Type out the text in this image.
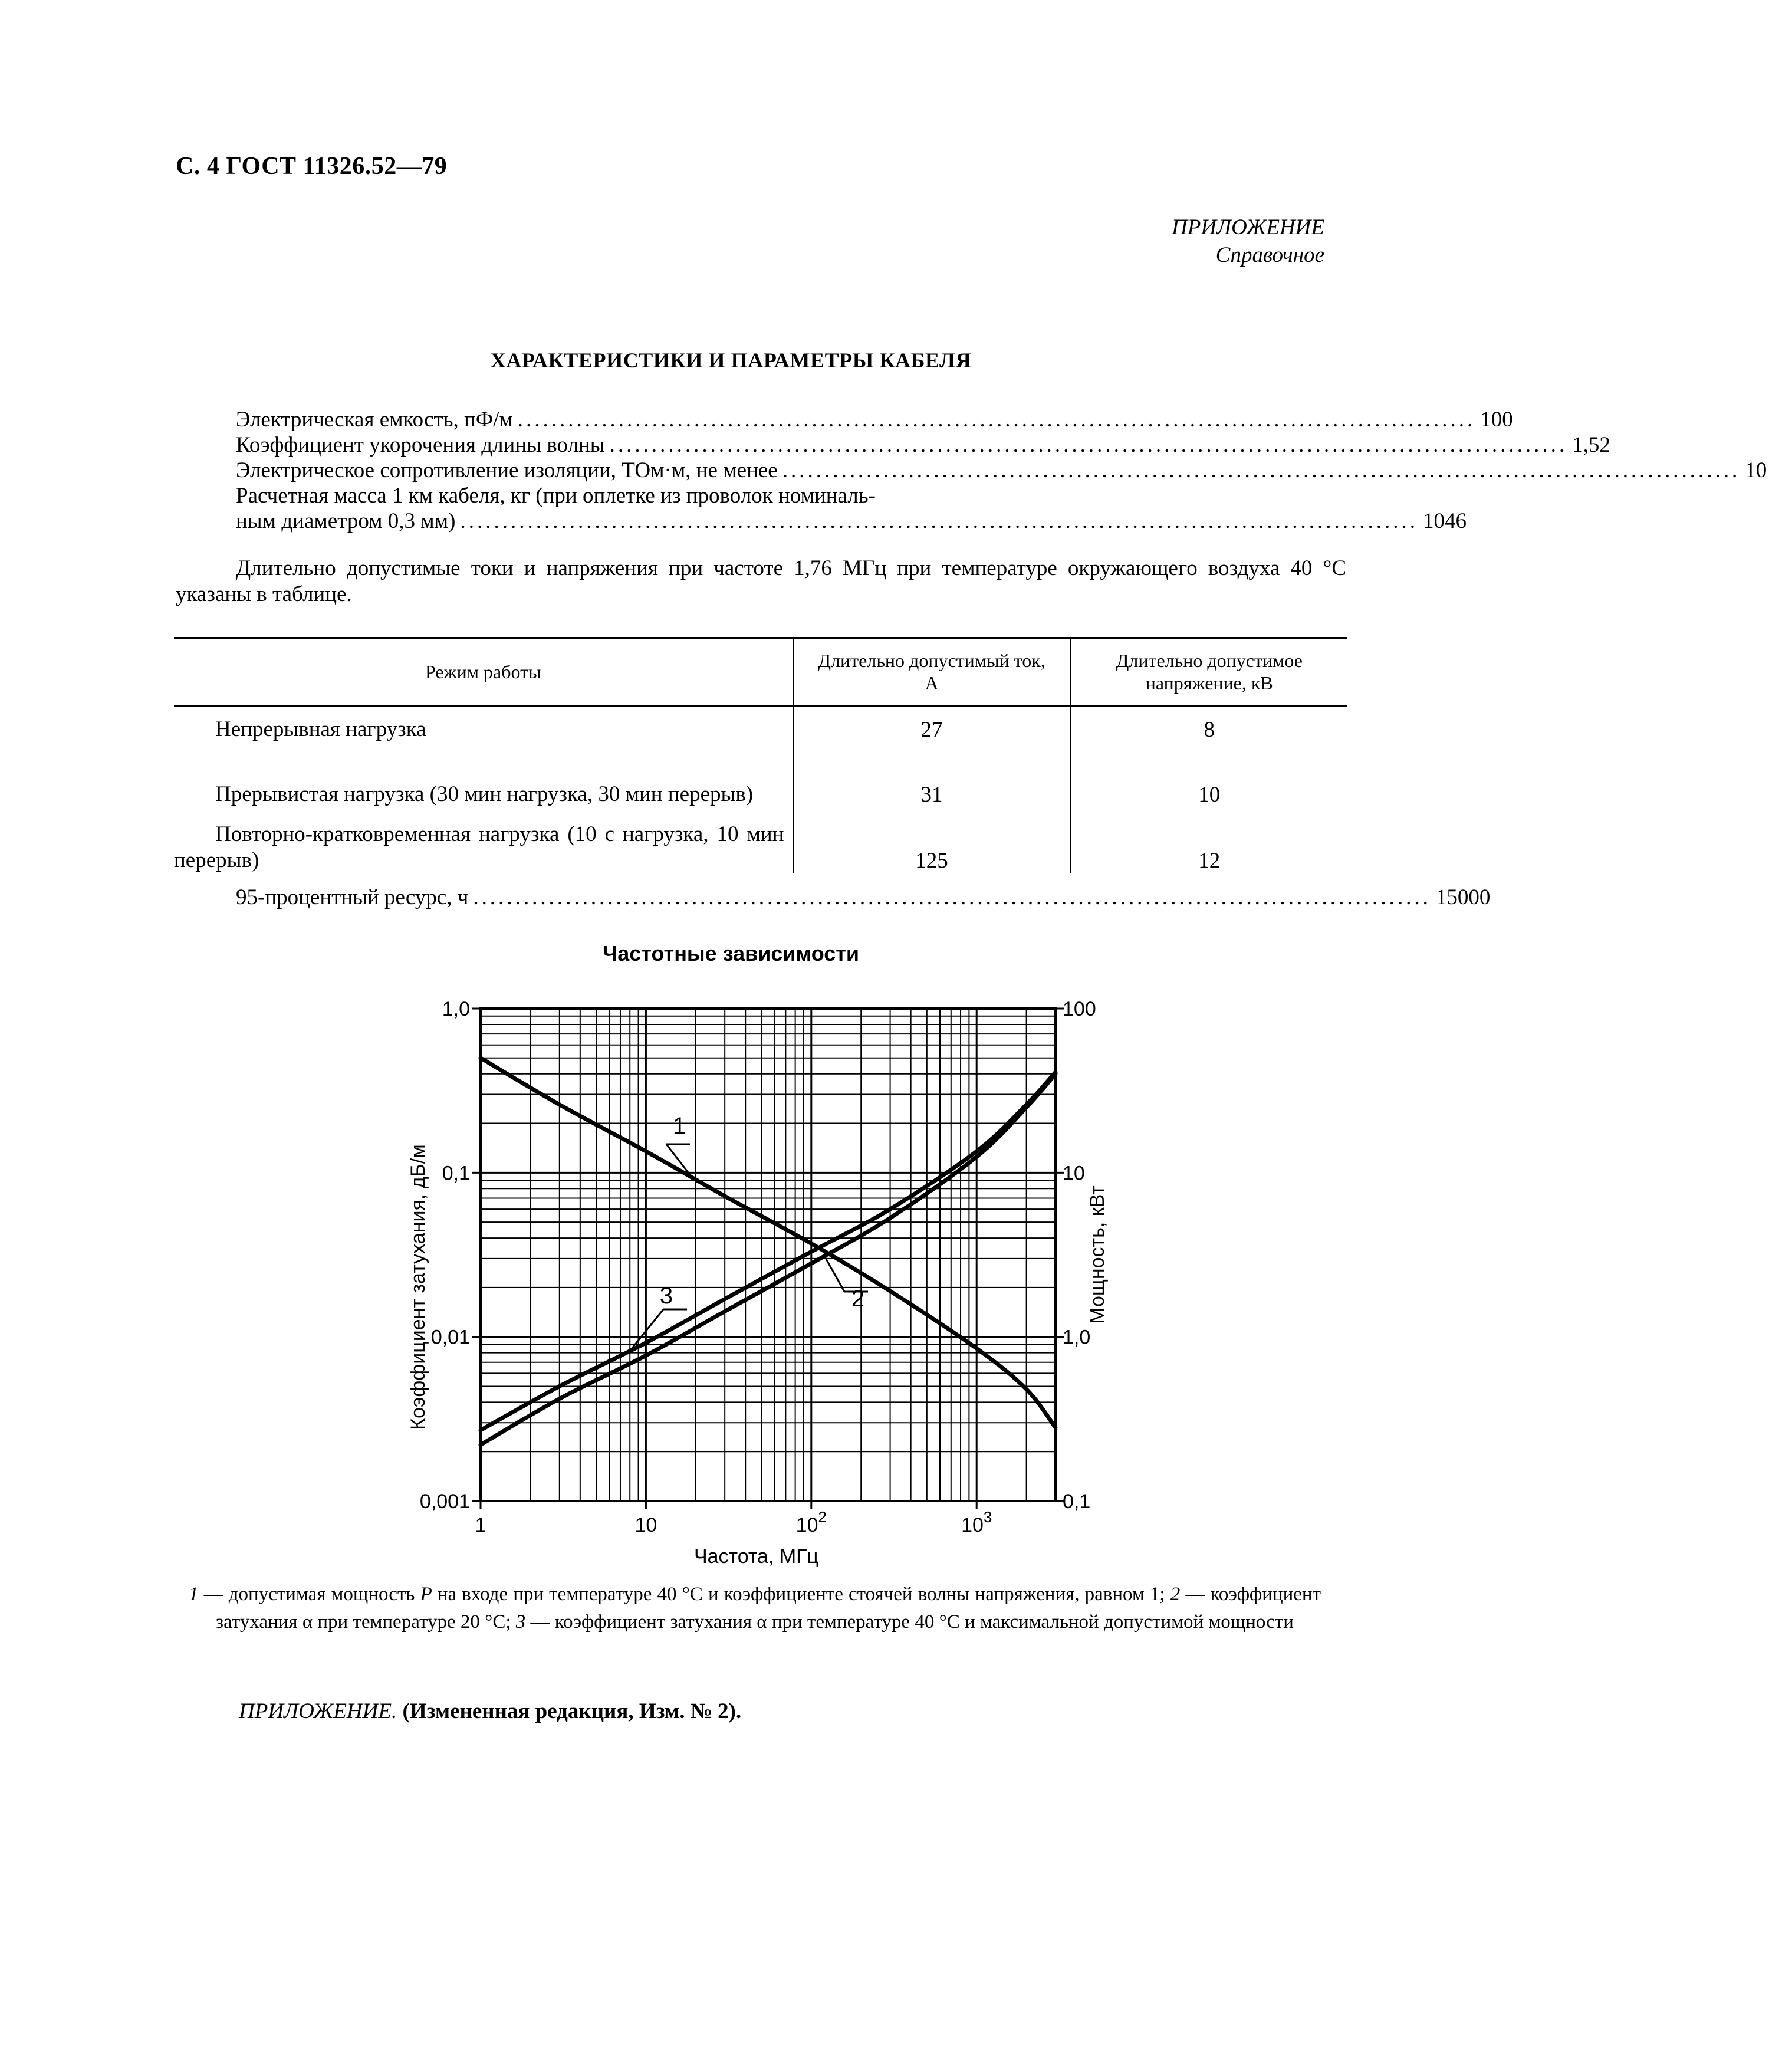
С. 4 ГОСТ 11326.52—79
ПРИЛОЖЕНИЕ
Справочное
ХАРАКТЕРИСТИКИ И ПАРАМЕТРЫ КАБЕЛЯ
Электрическая емкость, пФ/м .................................................................................................................. 100
Коэффициент укорочения длины волны .................................................................................................................. 1,52
Электрическое сопротивление изоляции, ТОм·м, не менее .................................................................................................................. 10
Расчетная масса 1 км кабеля, кг (при оплетке из проволок номиналь-
ным диаметром 0,3 мм) .................................................................................................................. 1046
Длительно допустимые токи и напряжения при частоте 1,76 МГц при температуре окружающего воздуха 40 °С указаны в таблице.
Режим работы	Длительно допустимый ток, А	Длительно допустимое напряжение, кВ
Непрерывная нагрузка	27	8
Прерывистая нагрузка (30 мин нагрузка, 30 мин перерыв)	31	10
Повторно-кратковременная нагрузка (10 с нагрузка, 10 мин перерыв)	125	12
95-процентный ресурс, ч .................................................................................................................. 15000
Частотные зависимости
1,0
0,1
0,01
0,001
100
10
1,0
0,1
1	10	$10^2$	$10^3$
Частота, МГц
Коэффициент затухания, дБ/м	Мощность, кВт
1
2
3
1 — допустимая мощность P на входе при температуре 40 °С и коэффициенте стоячей волны напряжения, равном 1; 2 — коэффициент затухания α при температуре 20 °С; 3 — коэффициент затухания α при температуре 40 °С и максимальной допустимой мощности
ПРИЛОЖЕНИЕ. (Измененная редакция, Изм. № 2).
